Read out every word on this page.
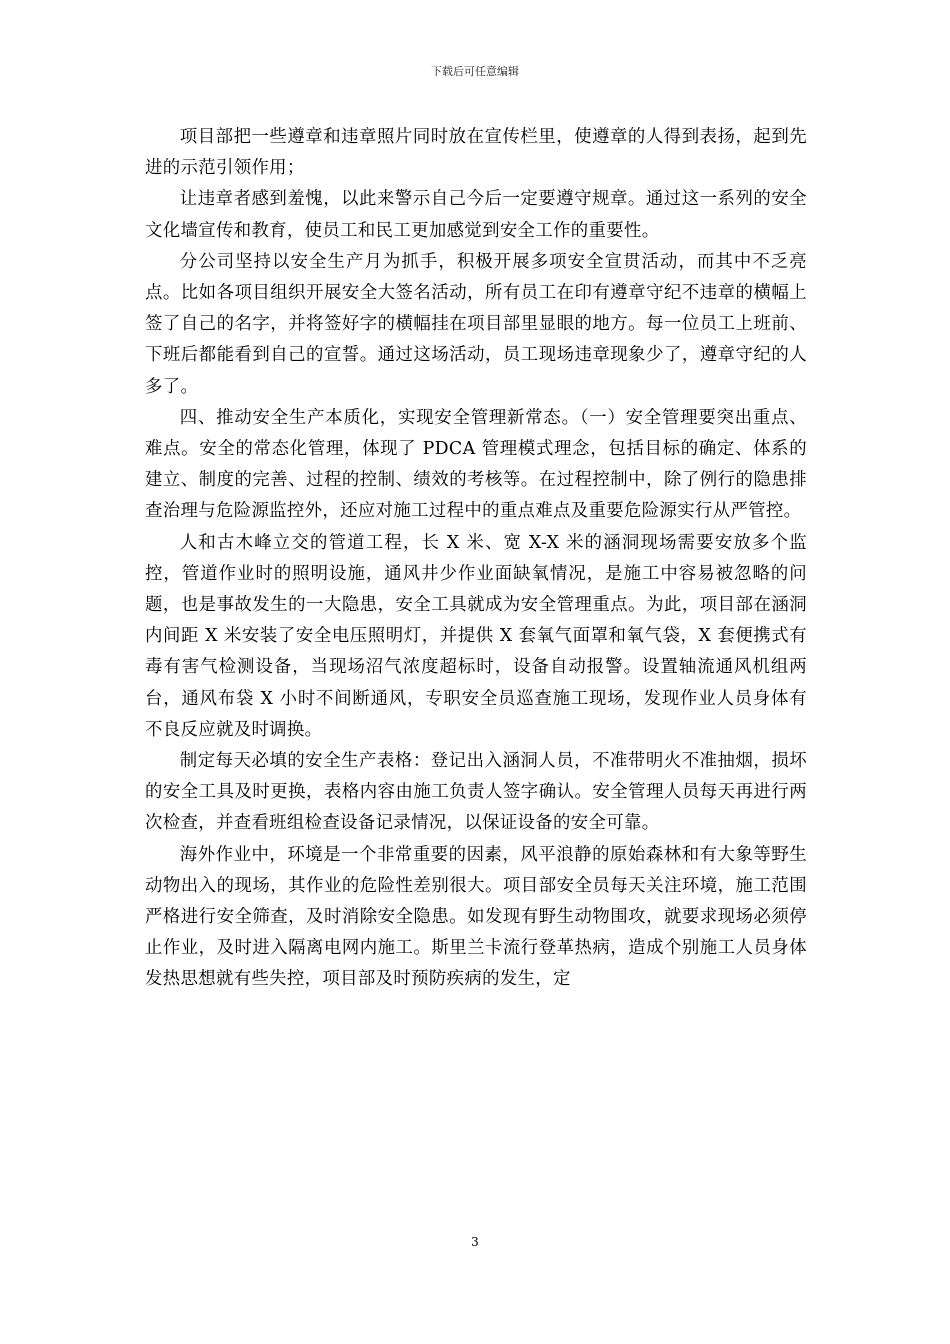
下载后可任意编辑

项目部把一些遵章和违章照片同时放在宣传栏里，使遵章的人得到表扬，起到先进的示范引领作用；

让违章者感到羞愧，以此来警示自己今后一定要遵守规章。通过这一系列的安全文化墙宣传和教育，使员工和民工更加感觉到安全工作的重要性。

分公司坚持以安全生产月为抓手，积极开展多项安全宣贯活动，而其中不乏亮点。比如各项目组织开展安全大签名活动，所有员工在印有遵章守纪不违章的横幅上签了自己的名字，并将签好字的横幅挂在项目部里显眼的地方。每一位员工上班前、下班后都能看到自己的宣誓。通过这场活动，员工现场违章现象少了，遵章守纪的人多了。

四、推动安全生产本质化，实现安全管理新常态。（一）安全管理要突出重点、难点。安全的常态化管理，体现了 PDCA 管理模式理念，包括目标的确定、体系的建立、制度的完善、过程的控制、绩效的考核等。在过程控制中，除了例行的隐患排查治理与危险源监控外，还应对施工过程中的重点难点及重要危险源实行从严管控。

人和古木峰立交的管道工程，长 X 米、宽 X-X 米的涵洞现场需要安放多个监控，管道作业时的照明设施，通风井少作业面缺氧情况，是施工中容易被忽略的问题，也是事故发生的一大隐患，安全工具就成为安全管理重点。为此，项目部在涵洞内间距 X 米安装了安全电压照明灯，并提供 X 套氧气面罩和氧气袋，X 套便携式有毒有害气检测设备，当现场沼气浓度超标时，设备自动报警。设置轴流通风机组两台，通风布袋 X 小时不间断通风，专职安全员巡查施工现场，发现作业人员身体有不良反应就及时调换。

制定每天必填的安全生产表格：登记出入涵洞人员，不准带明火不准抽烟，损坏的安全工具及时更换，表格内容由施工负责人签字确认。安全管理人员每天再进行两次检查，并查看班组检查设备记录情况，以保证设备的安全可靠。

海外作业中，环境是一个非常重要的因素，风平浪静的原始森林和有大象等野生动物出入的现场，其作业的危险性差别很大。项目部安全员每天关注环境，施工范围严格进行安全筛查，及时消除安全隐患。如发现有野生动物围攻，就要求现场必须停止作业，及时进入隔离电网内施工。斯里兰卡流行登革热病，造成个别施工人员身体发热思想就有些失控，项目部及时预防疾病的发生，定

3
